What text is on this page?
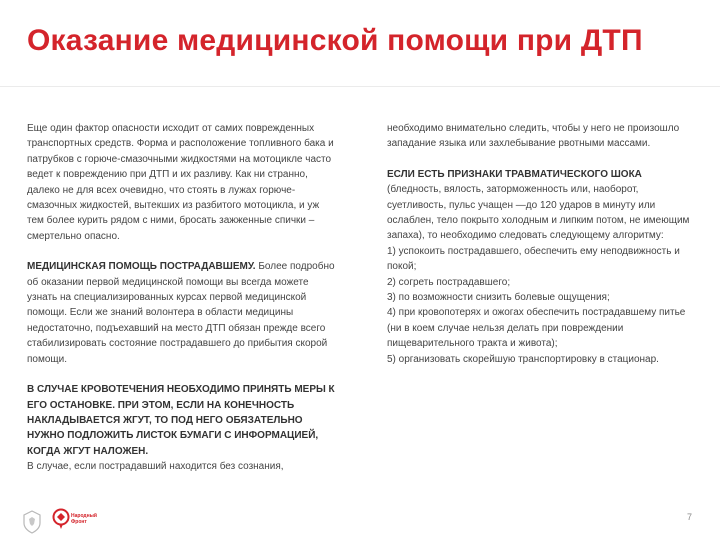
Оказание медицинской помощи при ДТП

Еще один фактор опасности исходит от самих поврежденных транспортных средств. Форма и расположение топливного бака и патрубков с горюче-смазочными жидкостями на мотоцикле часто ведет к повреждению при ДТП и их разливу. Как ни странно, далеко не для всех очевидно, что стоять в лужах горюче-смазочных жидкостей, вытекших из разбитого мотоцикла, и уж тем более курить рядом с ними, бросать зажженные спички – смертельно опасно.

МЕДИЦИНСКАЯ ПОМОЩЬ ПОСТРАДАВШЕМУ. Более подробно об оказании первой медицинской помощи вы всегда можете узнать на специализированных курсах первой медицинской помощи. Если же знаний волонтера в области медицины недостаточно, подъехавший на место ДТП обязан прежде всего стабилизировать состояние пострадавшего до прибытия скорой помощи.

В СЛУЧАЕ КРОВОТЕЧЕНИЯ НЕОБХОДИМО ПРИНЯТЬ МЕРЫ К ЕГО ОСТАНОВКЕ. ПРИ ЭТОМ, ЕСЛИ НА КОНЕЧНОСТЬ НАКЛАДЫВАЕТСЯ ЖГУТ, ТО ПОД НЕГО ОБЯЗАТЕЛЬНО НУЖНО ПОДЛОЖИТЬ ЛИСТОК БУМАГИ С ИНФОРМАЦИЕЙ, КОГДА ЖГУТ НАЛОЖЕН.

В случае, если пострадавший находится без сознания,

необходимо внимательно следить, чтобы у него не произошло западание языка или захлебывание рвотными массами.

ЕСЛИ ЕСТЬ ПРИЗНАКИ ТРАВМАТИЧЕСКОГО ШОКА

(бледность, вялость, заторможенность или, наоборот, суетливость, пульс учащен —до 120 ударов в минуту или ослаблен, тело покрыто холодным и липким потом, не имеющим запаха), то необходимо следовать следующему алгоритму:

1) успокоить пострадавшего, обеспечить ему неподвижность и покой;
2) согреть пострадавшего;
3) по возможности снизить болевые ощущения;
4) при кровопотерях и ожогах обеспечить пострадавшему питье (ни в коем случае нельзя делать при повреждении пищеварительного тракта и живота);
5) организовать скорейшую транспортировку в стационар.
Народный
Фронт	7
